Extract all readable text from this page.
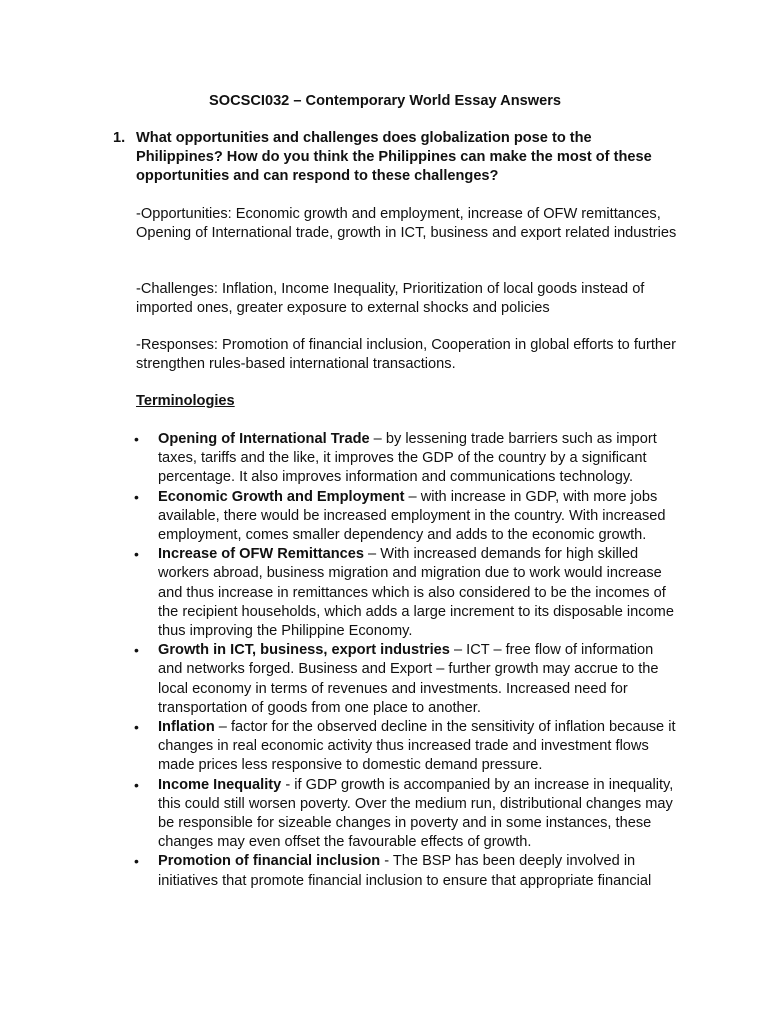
SOCSCI032 – Contemporary World Essay Answers
1. What opportunities and challenges does globalization pose to the Philippines? How do you think the Philippines can make the most of these opportunities and can respond to these challenges?
-Opportunities: Economic growth and employment, increase of OFW remittances, Opening of International trade, growth in ICT, business and export related industries
-Challenges: Inflation, Income Inequality, Prioritization of local goods instead of imported ones, greater exposure to external shocks and policies
-Responses: Promotion of financial inclusion, Cooperation in global efforts to further strengthen rules-based international transactions.
Terminologies
• Opening of International Trade – by lessening trade barriers such as import taxes, tariffs and the like, it improves the GDP of the country by a significant percentage. It also improves information and communications technology.
• Economic Growth and Employment – with increase in GDP, with more jobs available, there would be increased employment in the country. With increased employment, comes smaller dependency and adds to the economic growth.
• Increase of OFW Remittances – With increased demands for high skilled workers abroad, business migration and migration due to work would increase and thus increase in remittances which is also considered to be the incomes of the recipient households, which adds a large increment to its disposable income thus improving the Philippine Economy.
• Growth in ICT, business, export industries – ICT – free flow of information and networks forged. Business and Export – further growth may accrue to the local economy in terms of revenues and investments. Increased need for transportation of goods from one place to another.
• Inflation – factor for the observed decline in the sensitivity of inflation because it changes in real economic activity thus increased trade and investment flows made prices less responsive to domestic demand pressure.
• Income Inequality - if GDP growth is accompanied by an increase in inequality, this could still worsen poverty. Over the medium run, distributional changes may be responsible for sizeable changes in poverty and in some instances, these changes may even offset the favourable effects of growth.
• Promotion of financial inclusion - The BSP has been deeply involved in initiatives that promote financial inclusion to ensure that appropriate financial
